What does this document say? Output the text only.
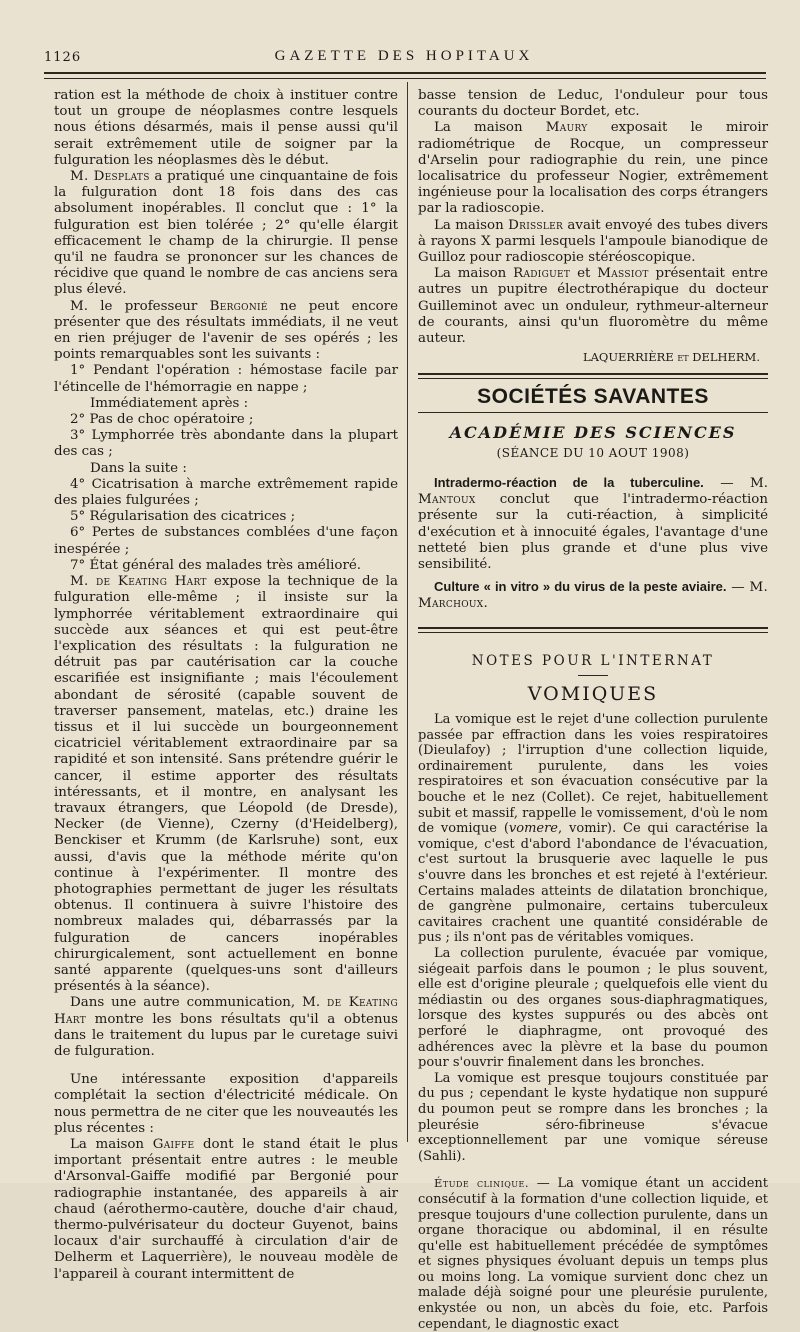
1126	GAZETTE DES HOPITAUX

ration est la méthode de choix à instituer contre tout un groupe de néoplasmes contre lesquels nous étions désarmés, mais il pense aussi qu'il serait extrêmement utile de soigner par la fulguration les néoplasmes dès le début.

M. Desplats a pratiqué une cinquantaine de fois la fulguration dont 18 fois dans des cas absolument inopérables. Il conclut que : 1° la fulguration est bien tolérée ; 2° qu'elle élargit efficacement le champ de la chirurgie. Il pense qu'il ne faudra se prononcer sur les chances de récidive que quand le nombre de cas anciens sera plus élevé.

M. le professeur Bergonié ne peut encore présenter que des résultats immédiats, il ne veut en rien préjuger de l'avenir de ses opérés ; les points remarquables sont les suivants :

1° Pendant l'opération : hémostase facile par l'étincelle de l'hémorragie en nappe ;

Immédiatement après :

2° Pas de choc opératoire ;

3° Lymphorrée très abondante dans la plupart des cas ;

Dans la suite :

4° Cicatrisation à marche extrêmement rapide des plaies fulgurées ;

5° Régularisation des cicatrices ;

6° Pertes de substances comblées d'une façon inespérée ;

7° État général des malades très amélioré.

M. de Keating Hart expose la technique de la fulguration elle-même ; il insiste sur la lymphorrée véritablement extraordinaire qui succède aux séances et qui est peut-être l'explication des résultats : la fulguration ne détruit pas par cautérisation car la couche escarifiée est insignifiante ; mais l'écoulement abondant de sérosité (capable souvent de traverser pansement, matelas, etc.) draine les tissus et il lui succède un bourgeonnement cicatriciel véritablement extraordinaire par sa rapidité et son intensité. Sans prétendre guérir le cancer, il estime apporter des résultats intéressants, et il montre, en analysant les travaux étrangers, que Léopold (de Dresde), Necker (de Vienne), Czerny (d'Heidelberg), Benckiser et Krumm (de Karlsruhe) sont, eux aussi, d'avis que la méthode mérite qu'on continue à l'expérimenter. Il montre des photographies permettant de juger les résultats obtenus. Il continuera à suivre l'histoire des nombreux malades qui, débarrassés par la fulguration de cancers inopérables chirurgicalement, sont actuellement en bonne santé apparente (quelques-uns sont d'ailleurs présentés à la séance).

Dans une autre communication, M. de Keating Hart montre les bons résultats qu'il a obtenus dans le traitement du lupus par le curetage suivi de fulguration.

Une intéressante exposition d'appareils complétait la section d'électricité médicale. On nous permettra de ne citer que les nouveautés les plus récentes :

La maison Gaiffe dont le stand était le plus important présentait entre autres : le meuble d'Arsonval-Gaiffe modifié par Bergonié pour radiographie instantanée, des appareils à air chaud (aérothermo-cautère, douche d'air chaud, thermo-pulvérisateur du docteur Guyenot, bains locaux d'air surchauffé à circulation d'air de Delherm et Laquerrière), le nouveau modèle de l'appareil à courant intermittent de

basse tension de Leduc, l'onduleur pour tous courants du docteur Bordet, etc.

La maison Maury exposait le miroir radiométrique de Rocque, un compresseur d'Arselin pour radiographie du rein, une pince localisatrice du professeur Nogier, extrêmement ingénieuse pour la localisation des corps étrangers par la radioscopie.

La maison Drissler avait envoyé des tubes divers à rayons X parmi lesquels l'ampoule bianodique de Guilloz pour radioscopie stéréoscopique.

La maison Radiguet et Massiot présentait entre autres un pupitre électrothérapique du docteur Guilleminot avec un onduleur, rythmeur-alterneur de courants, ainsi qu'un fluoromètre du même auteur.

LAQUERRIÈRE et DELHERM.
SOCIÉTÉS SAVANTES
ACADÉMIE DES SCIENCES
(SÉANCE DU 10 AOUT 1908)

Intradermo-réaction de la tuberculine. — M. Mantoux conclut que l'intradermo-réaction présente sur la cuti-réaction, à simplicité d'exécution et à innocuité égales, l'avantage d'une netteté bien plus grande et d'une plus vive sensibilité.

Culture « in vitro » du virus de la peste aviaire. — M. Marchoux.

NOTES POUR L'INTERNAT
VOMIQUES

La vomique est le rejet d'une collection purulente passée par effraction dans les voies respiratoires (Dieulafoy) ; l'irruption d'une collection liquide, ordinairement purulente, dans les voies respiratoires et son évacuation consécutive par la bouche et le nez (Collet). Ce rejet, habituellement subit et massif, rappelle le vomissement, d'où le nom de vomique (vomere, vomir). Ce qui caractérise la vomique, c'est d'abord l'abondance de l'évacuation, c'est surtout la brusquerie avec laquelle le pus s'ouvre dans les bronches et est rejeté à l'extérieur. Certains malades atteints de dilatation bronchique, de gangrène pulmonaire, certains tuberculeux cavitaires crachent une quantité considérable de pus ; ils n'ont pas de véritables vomiques.

La collection purulente, évacuée par vomique, siégeait parfois dans le poumon ; le plus souvent, elle est d'origine pleurale ; quelquefois elle vient du médiastin ou des organes sous-diaphragmatiques, lorsque des kystes suppurés ou des abcès ont perforé le diaphragme, ont provoqué des adhérences avec la plèvre et la base du poumon pour s'ouvrir finalement dans les bronches.

La vomique est presque toujours constituée par du pus ; cependant le kyste hydatique non suppuré du poumon peut se rompre dans les bronches ; la pleurésie séro-fibrineuse s'évacue exceptionnellement par une vomique séreuse (Sahli).

Étude clinique. — La vomique étant un accident consécutif à la formation d'une collection liquide, et presque toujours d'une collection purulente, dans un organe thoracique ou abdominal, il en résulte qu'elle est habituellement précédée de symptômes et signes physiques évoluant depuis un temps plus ou moins long. La vomique survient donc chez un malade déjà soigné pour une pleurésie purulente, enkystée ou non, un abcès du foie, etc. Parfois cependant, le diagnostic exact
